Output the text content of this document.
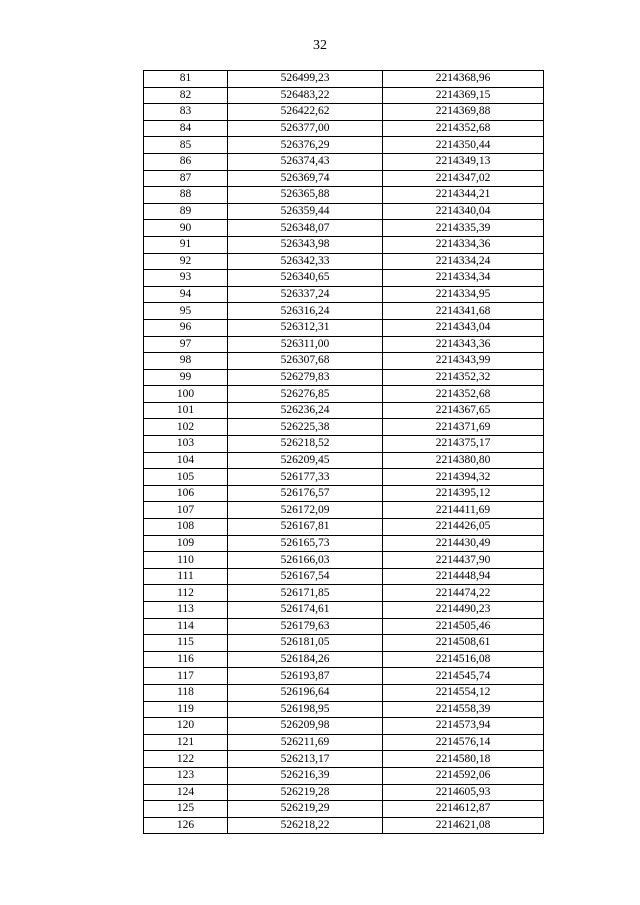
32
81	526499,23	2214368,96
82	526483,22	2214369,15
83	526422,62	2214369,88
84	526377,00	2214352,68
85	526376,29	2214350,44
86	526374,43	2214349,13
87	526369,74	2214347,02
88	526365,88	2214344,21
89	526359,44	2214340,04
90	526348,07	2214335,39
91	526343,98	2214334,36
92	526342,33	2214334,24
93	526340,65	2214334,34
94	526337,24	2214334,95
95	526316,24	2214341,68
96	526312,31	2214343,04
97	526311,00	2214343,36
98	526307,68	2214343,99
99	526279,83	2214352,32
100	526276,85	2214352,68
101	526236,24	2214367,65
102	526225,38	2214371,69
103	526218,52	2214375,17
104	526209,45	2214380,80
105	526177,33	2214394,32
106	526176,57	2214395,12
107	526172,09	2214411,69
108	526167,81	2214426,05
109	526165,73	2214430,49
110	526166,03	2214437,90
111	526167,54	2214448,94
112	526171,85	2214474,22
113	526174,61	2214490,23
114	526179,63	2214505,46
115	526181,05	2214508,61
116	526184,26	2214516,08
117	526193,87	2214545,74
118	526196,64	2214554,12
119	526198,95	2214558,39
120	526209,98	2214573,94
121	526211,69	2214576,14
122	526213,17	2214580,18
123	526216,39	2214592,06
124	526219,28	2214605,93
125	526219,29	2214612,87
126	526218,22	2214621,08
